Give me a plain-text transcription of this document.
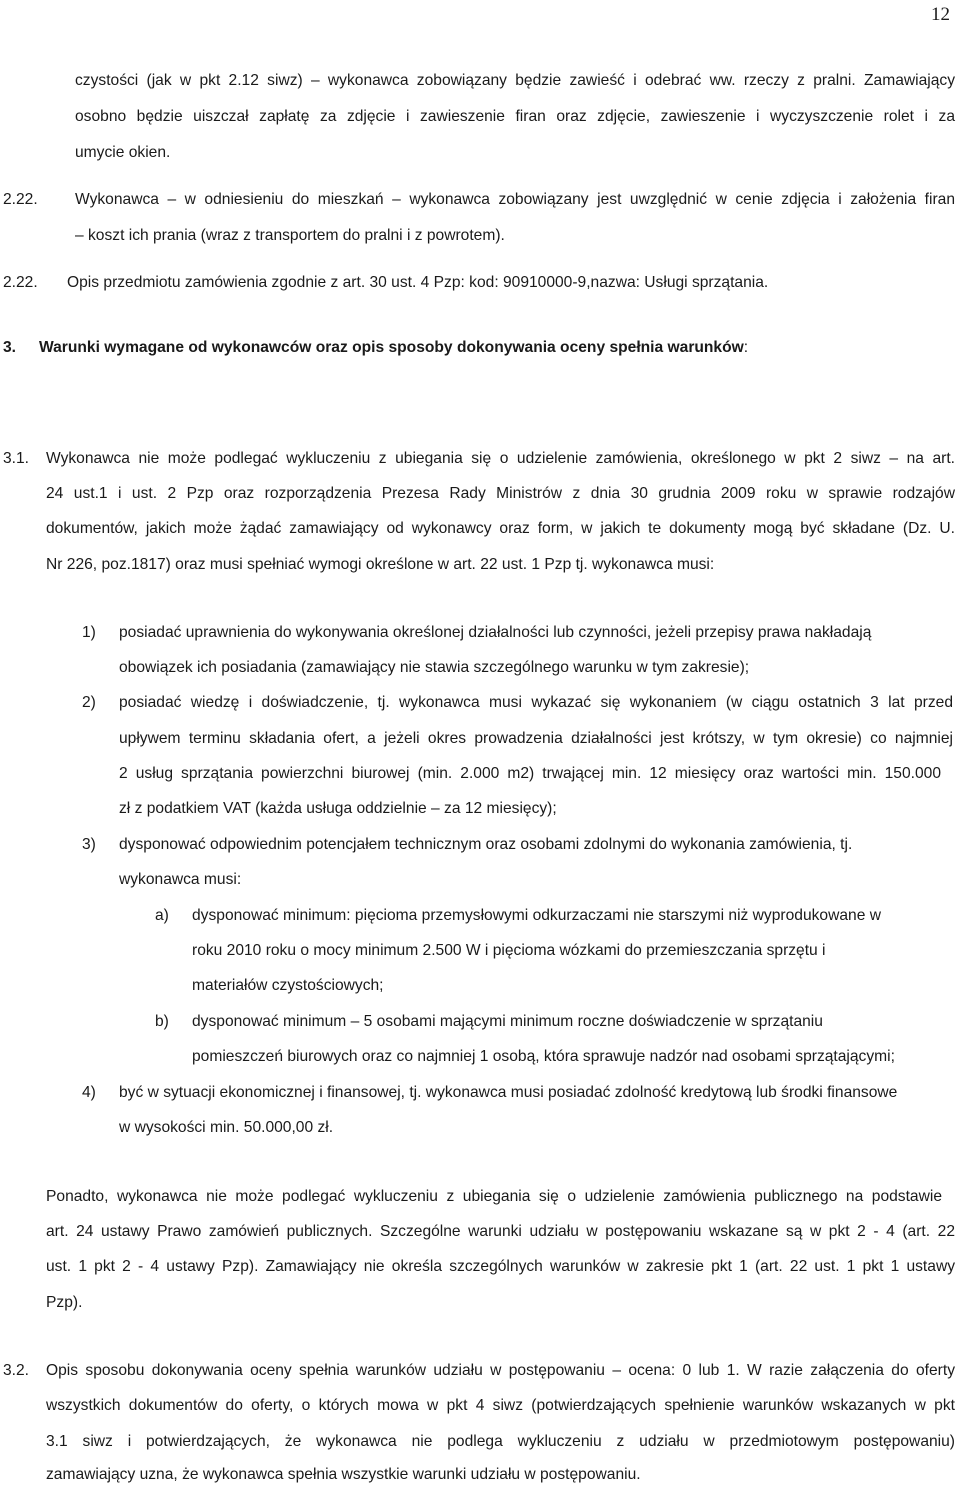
12
czystości (jak w pkt 2.12 siwz) – wykonawca zobowiązany będzie zawieść i odebrać ww. rzeczy z pralni. Zamawiający
osobno będzie uiszczał zapłatę za zdjęcie i zawieszenie firan oraz zdjęcie, zawieszenie i wyczyszczenie rolet i za
umycie okien.
2.22. Wykonawca – w odniesieniu do mieszkań – wykonawca zobowiązany jest uwzględnić w cenie zdjęcia i założenia firan
– koszt ich prania (wraz z transportem do pralni i z powrotem).
2.22. Opis przedmiotu zamówienia zgodnie z art. 30 ust. 4 Pzp: kod: 90910000-9,nazwa: Usługi sprzątania.
3. Warunki wymagane od wykonawców oraz opis sposoby dokonywania oceny spełnia warunków:
3.1. Wykonawca nie może podlegać wykluczeniu z ubiegania się o udzielenie zamówienia, określonego w pkt 2 siwz – na art.
24 ust.1 i ust. 2 Pzp oraz rozporządzenia Prezesa Rady Ministrów z dnia 30 grudnia 2009 roku w sprawie rodzajów
dokumentów, jakich może żądać zamawiający od wykonawcy oraz form, w jakich te dokumenty mogą być składane (Dz. U.
Nr 226, poz.1817) oraz musi spełniać wymogi określone w art. 22 ust. 1 Pzp tj. wykonawca musi:
1) posiadać uprawnienia do wykonywania określonej działalności lub czynności, jeżeli przepisy prawa nakładają
obowiązek ich posiadania (zamawiający nie stawia szczególnego warunku w tym zakresie);
2) posiadać wiedzę i doświadczenie, tj. wykonawca musi wykazać się wykonaniem (w ciągu ostatnich 3 lat przed
upływem terminu składania ofert, a jeżeli okres prowadzenia działalności jest krótszy, w tym okresie) co najmniej
2 usług sprzątania powierzchni biurowej (min. 2.000 m2) trwającej min. 12 miesięcy oraz wartości min. 150.000
zł z podatkiem VAT (każda usługa oddzielnie – za 12 miesięcy);
3) dysponować odpowiednim potencjałem technicznym oraz osobami zdolnymi do wykonania zamówienia, tj.
wykonawca musi:
a) dysponować minimum: pięcioma przemysłowymi odkurzaczami nie starszymi niż wyprodukowane w
roku 2010 roku o mocy minimum 2.500 W i pięcioma wózkami do przemieszczania sprzętu i
materiałów czystościowych;
b) dysponować minimum – 5 osobami mającymi minimum roczne doświadczenie w sprzątaniu
pomieszczeń biurowych oraz co najmniej 1 osobą, która sprawuje nadzór nad osobami sprzątającymi;
4) być w sytuacji ekonomicznej i finansowej, tj. wykonawca musi posiadać zdolność kredytową lub środki finansowe
w wysokości min. 50.000,00 zł.
Ponadto, wykonawca nie może podlegać wykluczeniu z ubiegania się o udzielenie zamówienia publicznego na podstawie
art. 24 ustawy Prawo zamówień publicznych. Szczególne warunki udziału w postępowaniu wskazane są w pkt 2 - 4 (art. 22
ust. 1 pkt 2 - 4 ustawy Pzp). Zamawiający nie określa szczególnych warunków w zakresie pkt 1 (art. 22 ust. 1 pkt 1 ustawy
Pzp).
3.2. Opis sposobu dokonywania oceny spełnia warunków udziału w postępowaniu – ocena: 0 lub 1. W razie załączenia do oferty
wszystkich dokumentów do oferty, o których mowa w pkt 4 siwz (potwierdzających spełnienie warunków wskazanych w pkt
3.1 siwz i potwierdzających, że wykonawca nie podlega wykluczeniu z udziału w przedmiotowym postępowaniu)
zamawiający uzna, że wykonawca spełnia wszystkie warunki udziału w postępowaniu.
